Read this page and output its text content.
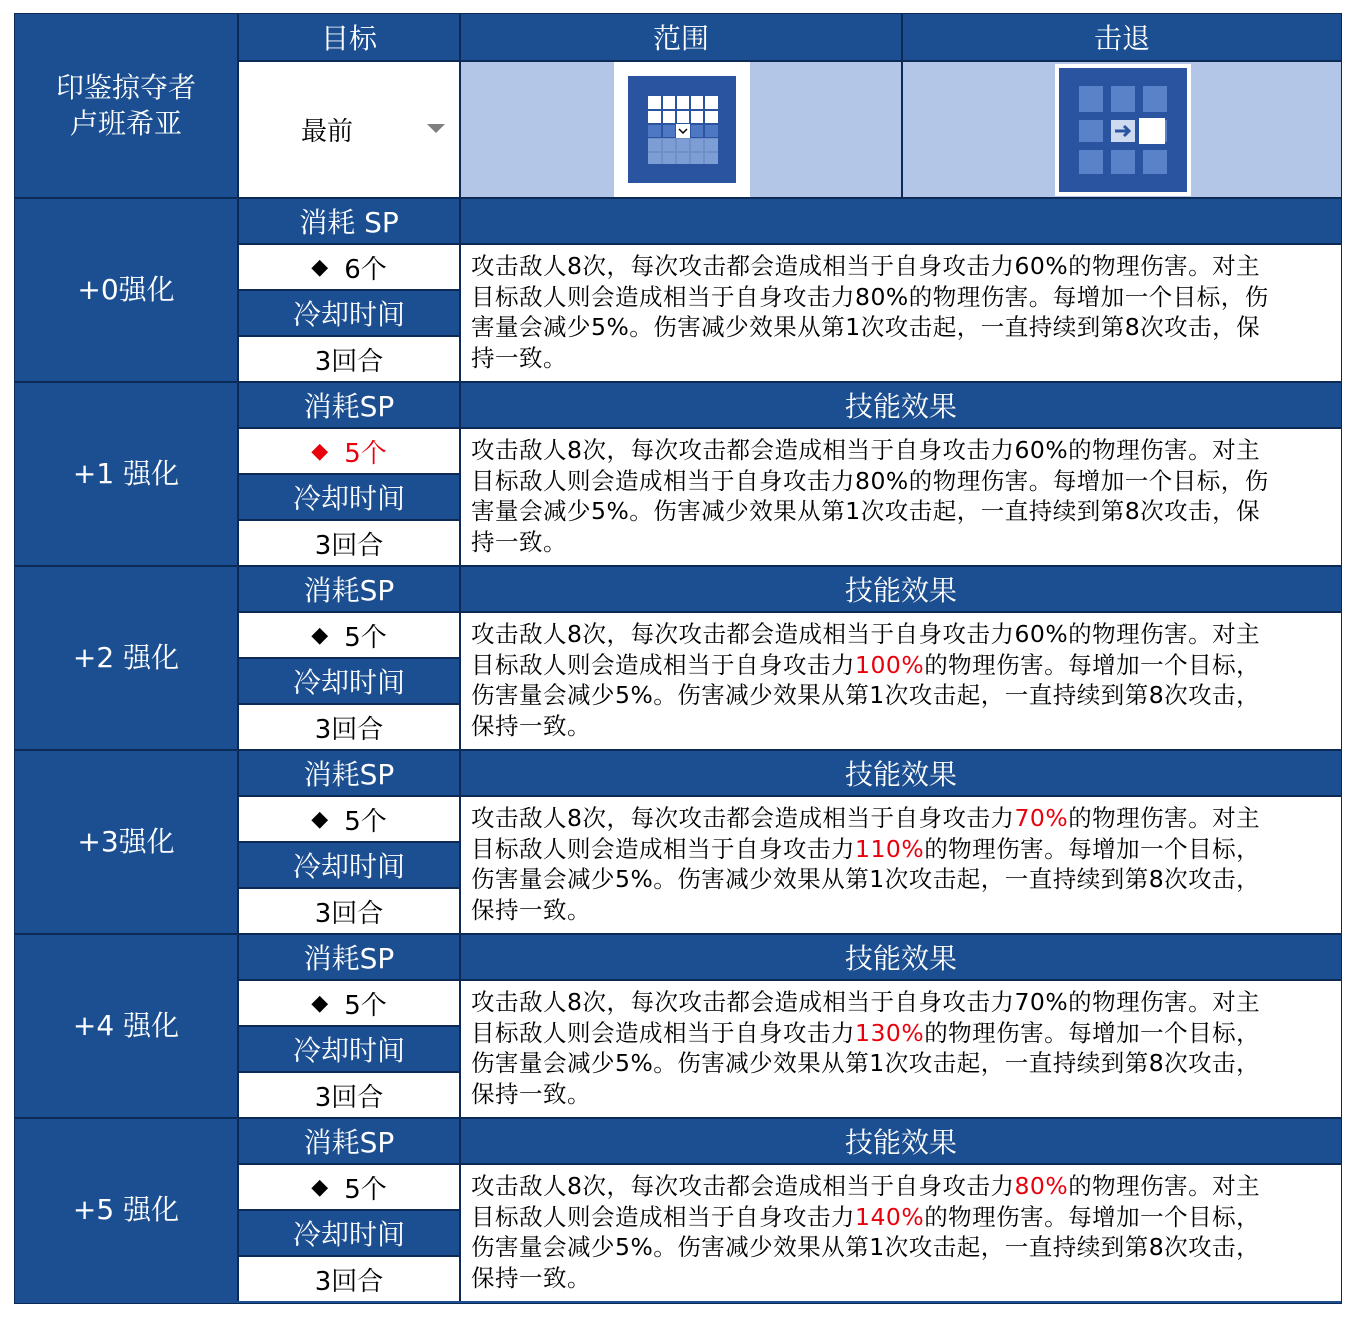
印鉴掠夺者
卢班希亚
目标	范围	击退
最前
+0强化
消耗 SP
◆ 6个
冷却时间
3回合
攻击敌人8次，每次攻击都会造成相当于自身攻击力60%的物理伤害。对主
目标敌人则会造成相当于自身攻击力80%的物理伤害。每增加一个目标，伤
害量会减少5%。伤害减少效果从第1次攻击起，一直持续到第8次攻击，保
持一致。
+1 强化
消耗SP
◆ 5个
冷却时间
3回合
技能效果
攻击敌人8次，每次攻击都会造成相当于自身攻击力60%的物理伤害。对主
目标敌人则会造成相当于自身攻击力80%的物理伤害。每增加一个目标，伤
害量会减少5%。伤害减少效果从第1次攻击起，一直持续到第8次攻击，保
持一致。
+2 强化
消耗SP
◆ 5个
冷却时间
3回合
技能效果
攻击敌人8次，每次攻击都会造成相当于自身攻击力60%的物理伤害。对主
目标敌人则会造成相当于自身攻击力100%的物理伤害。每增加一个目标，
伤害量会减少5%。伤害减少效果从第1次攻击起，一直持续到第8次攻击，
保持一致。
+3强化
消耗SP
◆ 5个
冷却时间
3回合
技能效果
攻击敌人8次，每次攻击都会造成相当于自身攻击力70%的物理伤害。对主
目标敌人则会造成相当于自身攻击力110%的物理伤害。每增加一个目标，
伤害量会减少5%。伤害减少效果从第1次攻击起，一直持续到第8次攻击，
保持一致。
+4 强化
消耗SP
◆ 5个
冷却时间
3回合
技能效果
攻击敌人8次，每次攻击都会造成相当于自身攻击力70%的物理伤害。对主
目标敌人则会造成相当于自身攻击力130%的物理伤害。每增加一个目标，
伤害量会减少5%。伤害减少效果从第1次攻击起，一直持续到第8次攻击，
保持一致。
+5 强化
消耗SP
◆ 5个
冷却时间
3回合
技能效果
攻击敌人8次，每次攻击都会造成相当于自身攻击力80%的物理伤害。对主
目标敌人则会造成相当于自身攻击力140%的物理伤害。每增加一个目标，
伤害量会减少5%。伤害减少效果从第1次攻击起，一直持续到第8次攻击，
保持一致。
